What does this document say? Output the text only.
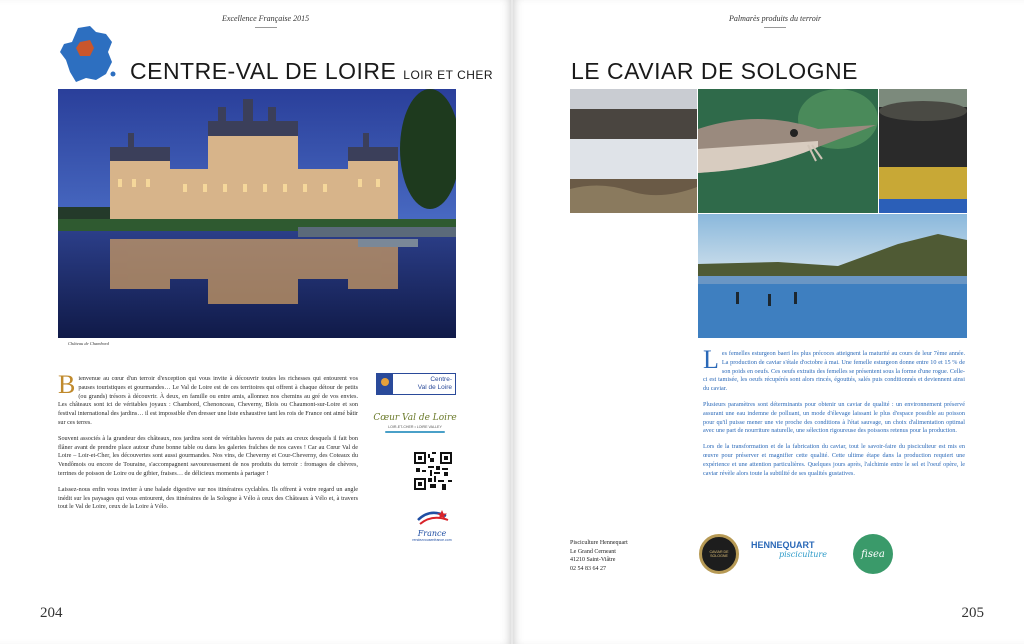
Excellence Française 2015
CENTRE-VAL DE LOIRE LOIR ET CHER
Château de Chambord

Bienvenue au cœur d'un terroir d'exception qui vous invite à découvrir toutes les richesses qui entourent vos pauses touristiques et gourmandes… Le Val de Loire est de ces territoires qui offrent à chaque détour de petits (ou grands) trésors à découvrir. À deux, en famille ou entre amis, allonnez nos chemins au gré de vos envies. Les châteaux sont ici de véritables joyaux : Chambord, Chenonceau, Cheverny, Blois ou Chaumont-sur-Loire et son festival international des jardins… il est impossible d'en dresser une liste exhaustive tant les rois de France ont aimé bâtir sur ces terres.

Souvent associés à la grandeur des châteaux, nos jardins sont de véritables havres de paix au creux desquels il fait bon flâner avant de prendre place autour d'une bonne table ou dans les galeries fraîches de nos caves ! Car au Cœur Val de Loire – Loir-et-Cher, les découvertes sont aussi gourmandes. Nos vins, de Cheverny et Cour-Cheverny, des Coteaux du Vendômois ou encore de Touraine, s'accompagnent savoureusement de nos produits du terroir : fromages de chèvres, terrines de poisson de Loire ou de gibier, fraises… de délicieux moments à partager !

Laissez-nous enfin vous inviter à une balade digestive sur nos itinéraires cyclables. Ils offrent à votre regard un angle inédit sur les paysages qui vous entourent, des itinéraires de la Sologne à Vélo à ceux des Châteaux à Vélo et, à travers tout le Val de Loire, ceux de la Loire à Vélo.

Centre-
Val de Loire
Cœur Val de Loire
LOIR-ET-CHER • LOIRE VALLEY
France
rendezvousenfrance.com
204
Palmarès produits du terroir
LE CAVIAR DE SOLOGNE

Les femelles esturgeon baeri les plus précoces atteignent la maturité au cours de leur 7ème année. La production de caviar s'étale d'octobre à mai. Une femelle esturgeon donne entre 10 et 15 % de son poids en oeufs. Ces oeufs extraits des femelles se présentent sous la forme d'une rogue. Celle-ci est tamisée, les oeufs récupérés sont alors rincés, égouttés, salés puis conditionnés et deviennent ainsi du caviar.

Plusieurs paramètres sont déterminants pour obtenir un caviar de qualité : un environnement préservé assurant une eau indemne de polluant, un mode d'élevage laissant le plus d'espace possible au poisson pour qu'il puisse mener une vie proche des conditions à l'état sauvage, un choix d'alimentation optimal avec une part de nourriture naturelle, une sélection rigoureuse des poissons retenus pour la production.

Lors de la transformation et de la fabrication du caviar, tout le savoir-faire du pisciculteur est mis en œuvre pour préserver et magnifier cette qualité. Cette ultime étape dans la production requiert une expérience et une attention particulières. Quelques jours après, l'alchimie entre le sel et l'oeuf opère, le caviar révèle alors toute la subtilité de ses qualités gustatives.

Pisciculture Hennequart
Le Grand Cerneant
41210 Saint-Viâtre
02 54 83 64 27
CAVIAR DE SOLOGNE
HENNEQUART
pisciculture	fisea
205
